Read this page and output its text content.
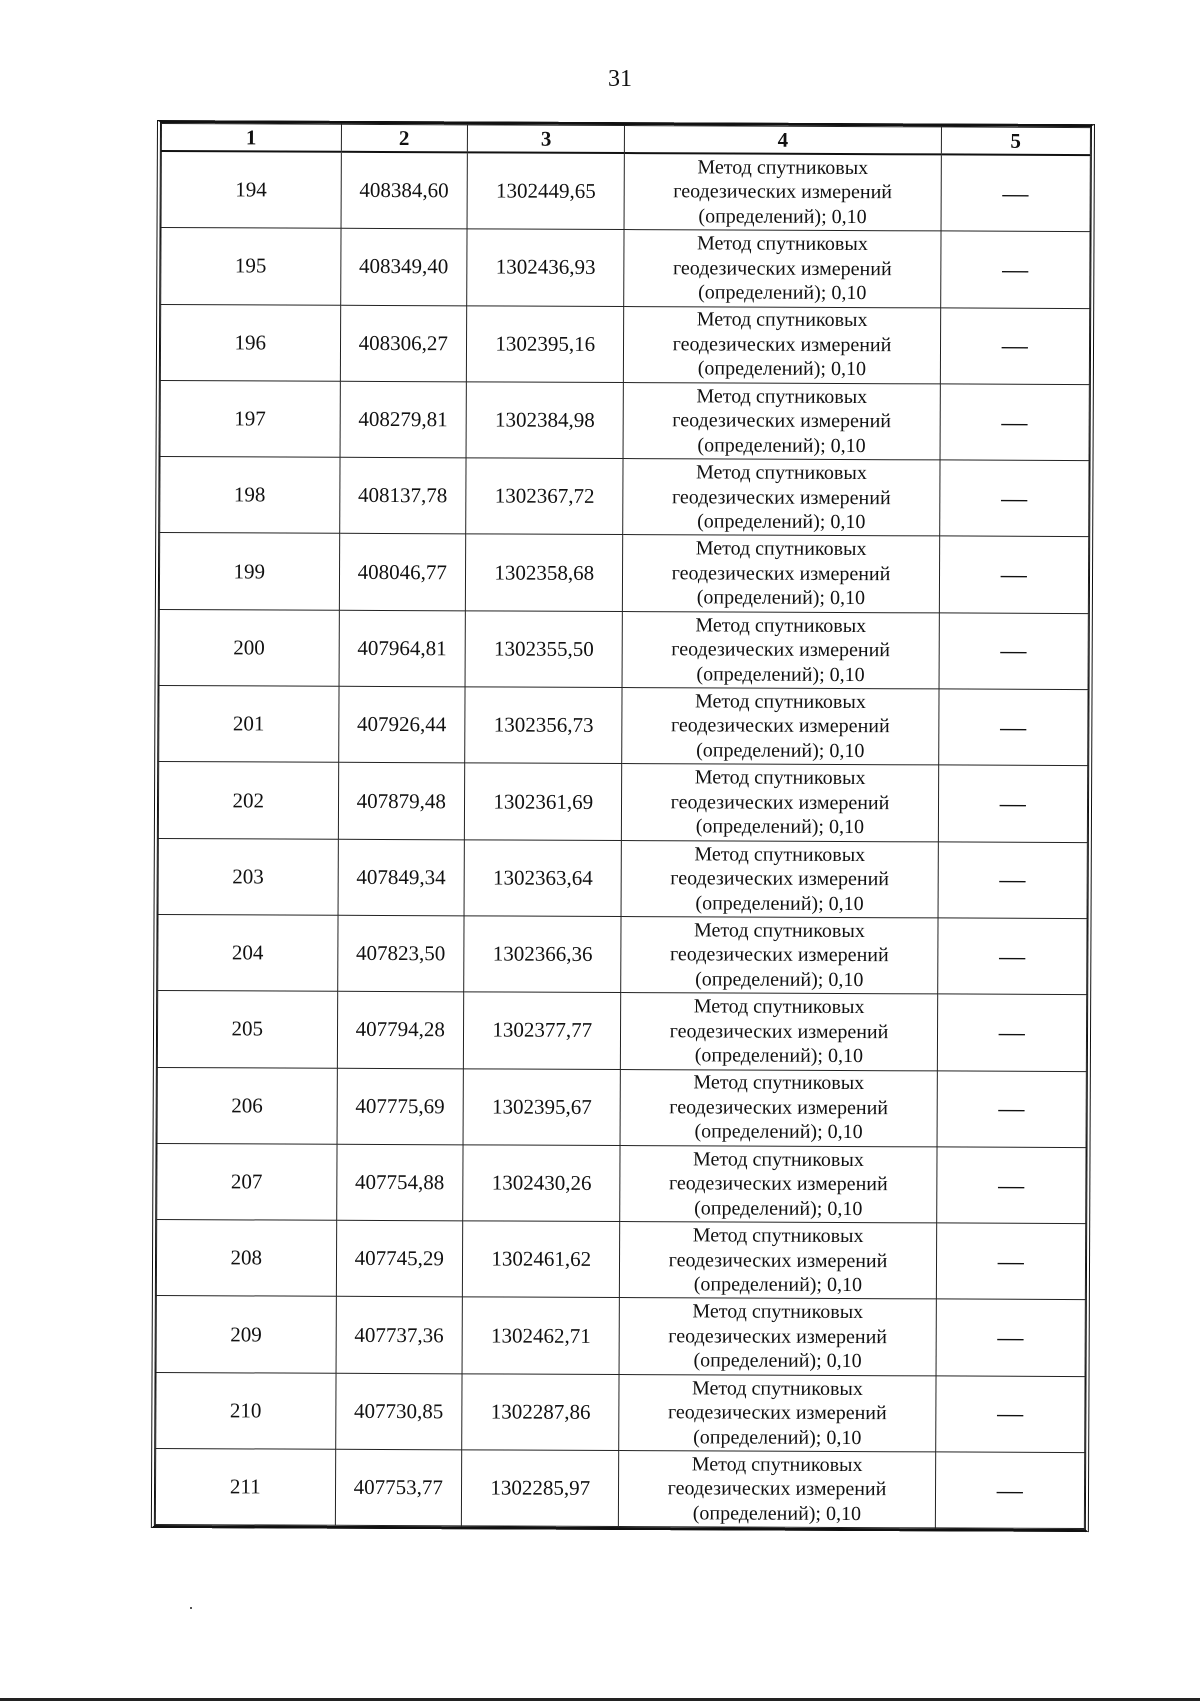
31
1	2	3	4	5
194	408384,60	1302449,65	Метод спутниковых
геодезических измерений
(определений); 0,10	—
195	408349,40	1302436,93	Метод спутниковых
геодезических измерений
(определений); 0,10	—
196	408306,27	1302395,16	Метод спутниковых
геодезических измерений
(определений); 0,10	—
197	408279,81	1302384,98	Метод спутниковых
геодезических измерений
(определений); 0,10	—
198	408137,78	1302367,72	Метод спутниковых
геодезических измерений
(определений); 0,10	—
199	408046,77	1302358,68	Метод спутниковых
геодезических измерений
(определений); 0,10	—
200	407964,81	1302355,50	Метод спутниковых
геодезических измерений
(определений); 0,10	—
201	407926,44	1302356,73	Метод спутниковых
геодезических измерений
(определений); 0,10	—
202	407879,48	1302361,69	Метод спутниковых
геодезических измерений
(определений); 0,10	—
203	407849,34	1302363,64	Метод спутниковых
геодезических измерений
(определений); 0,10	—
204	407823,50	1302366,36	Метод спутниковых
геодезических измерений
(определений); 0,10	—
205	407794,28	1302377,77	Метод спутниковых
геодезических измерений
(определений); 0,10	—
206	407775,69	1302395,67	Метод спутниковых
геодезических измерений
(определений); 0,10	—
207	407754,88	1302430,26	Метод спутниковых
геодезических измерений
(определений); 0,10	—
208	407745,29	1302461,62	Метод спутниковых
геодезических измерений
(определений); 0,10	—
209	407737,36	1302462,71	Метод спутниковых
геодезических измерений
(определений); 0,10	—
210	407730,85	1302287,86	Метод спутниковых
геодезических измерений
(определений); 0,10	—
211	407753,77	1302285,97	Метод спутниковых
геодезических измерений
(определений); 0,10	—
